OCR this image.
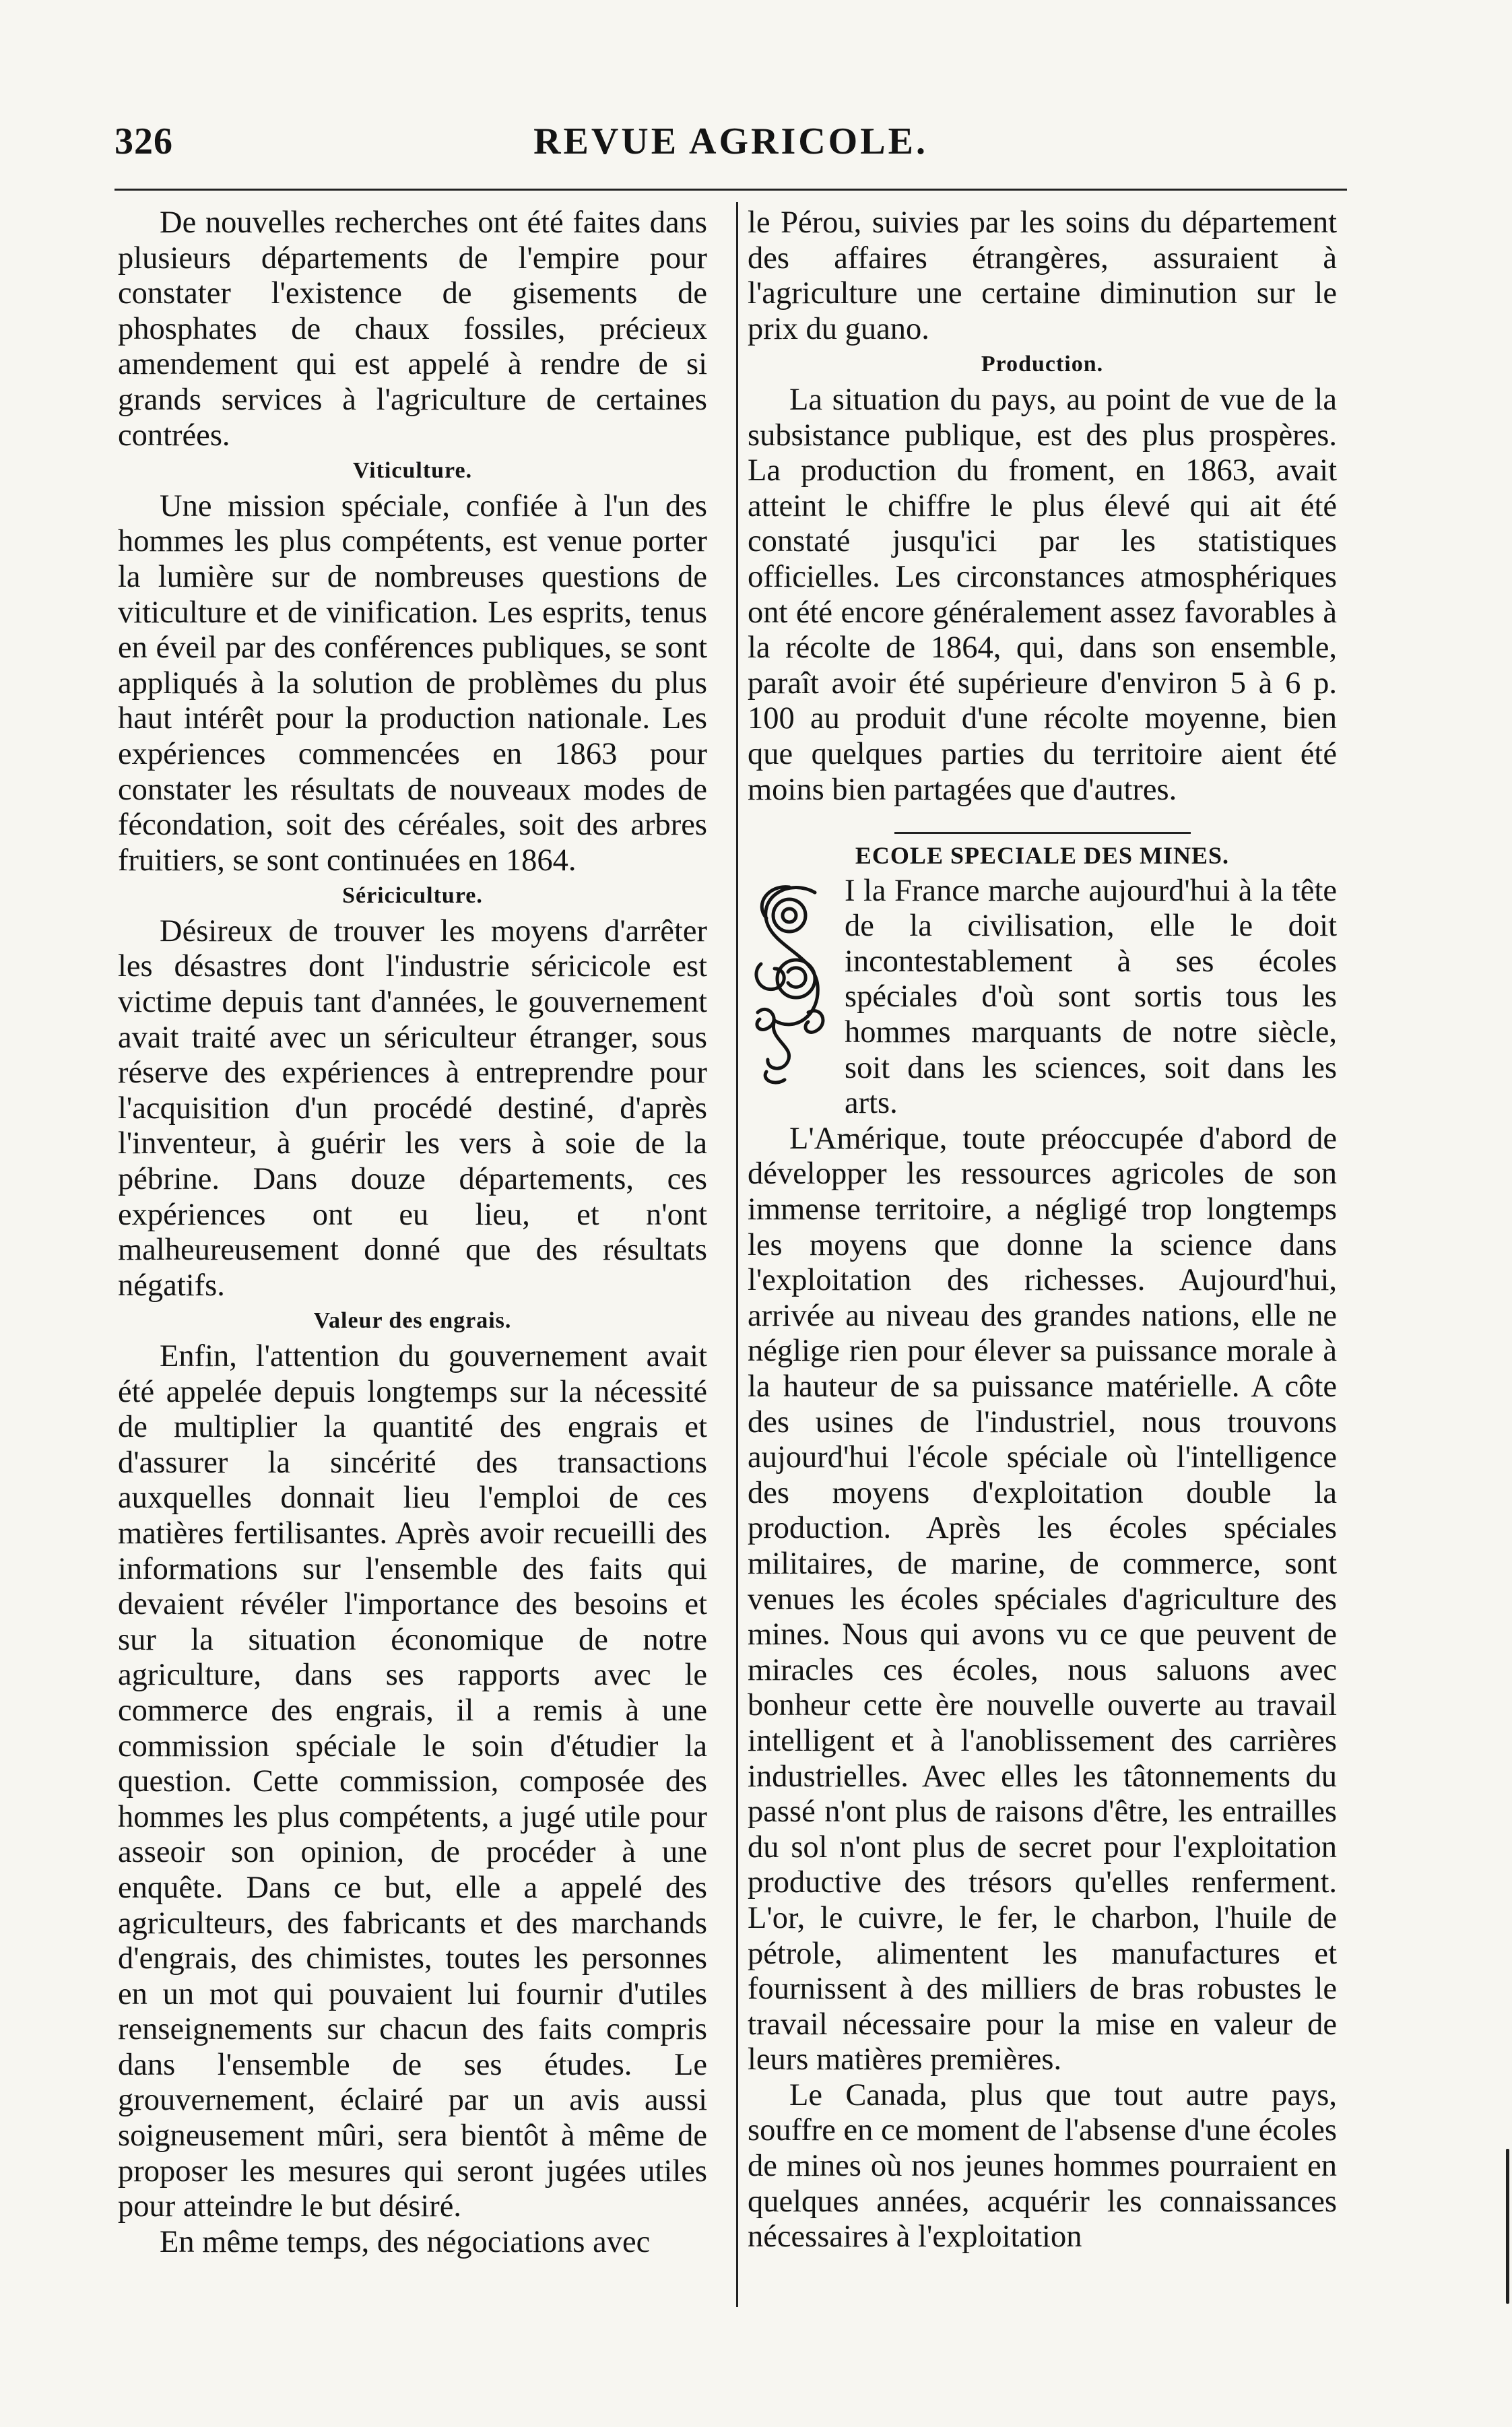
326	REVUE AGRICOLE.

De nouvelles recherches ont été faites dans plusieurs départements de l'empire pour constater l'existence de gisements de phosphates de chaux fossiles, précieux amendement qui est appelé à rendre de si grands services à l'agriculture de certaines contrées.

Viticulture.

Une mission spéciale, confiée à l'un des hommes les plus compétents, est venue porter la lumière sur de nombreuses questions de viticulture et de vinification. Les esprits, tenus en éveil par des conférences publiques, se sont appliqués à la solution de problèmes du plus haut intérêt pour la production nationale. Les expériences commencées en 1863 pour constater les résultats de nouveaux modes de fécondation, soit des céréales, soit des arbres fruitiers, se sont continuées en 1864.

Sériciculture.

Désireux de trouver les moyens d'arrêter les désastres dont l'industrie séricicole est victime depuis tant d'années, le gouvernement avait traité avec un sériculteur étranger, sous réserve des expériences à entreprendre pour l'acquisition d'un procédé destiné, d'après l'inventeur, à guérir les vers à soie de la pébrine. Dans douze départements, ces expériences ont eu lieu, et n'ont malheureusement donné que des résultats négatifs.

Valeur des engrais.

Enfin, l'attention du gouvernement avait été appelée depuis longtemps sur la nécessité de multiplier la quantité des engrais et d'assurer la sincérité des transactions auxquelles donnait lieu l'emploi de ces matières fertilisantes. Après avoir recueilli des informations sur l'ensemble des faits qui devaient révéler l'importance des besoins et sur la situation économique de notre agriculture, dans ses rapports avec le commerce des engrais, il a remis à une commission spéciale le soin d'étudier la question. Cette commission, composée des hommes les plus compétents, a jugé utile pour asseoir son opinion, de procéder à une enquête. Dans ce but, elle a appelé des agriculteurs, des fabricants et des marchands d'engrais, des chimistes, toutes les personnes en un mot qui pouvaient lui fournir d'utiles renseignements sur chacun des faits compris dans l'ensemble de ses études. Le grouvernement, éclairé par un avis aussi soigneusement mûri, sera bientôt à même de proposer les mesures qui seront jugées utiles pour atteindre le but désiré.

En même temps, des négociations avec

le Pérou, suivies par les soins du département des affaires étrangères, assuraient à l'agriculture une certaine diminution sur le prix du guano.

Production.

La situation du pays, au point de vue de la subsistance publique, est des plus prospères. La production du froment, en 1863, avait atteint le chiffre le plus élevé qui ait été constaté jusqu'ici par les statistiques officielles. Les circonstances atmosphériques ont été encore généralement assez favorables à la récolte de 1864, qui, dans son ensemble, paraît avoir été supérieure d'environ 5 à 6 p. 100 au produit d'une récolte moyenne, bien que quelques parties du territoire aient été moins bien partagées que d'autres.

ECOLE SPECIALE DES MINES.

I la France marche aujourd'hui à la tête de la civilisation, elle le doit incontestablement à ses écoles spéciales d'où sont sortis tous les hommes marquants de notre siècle, soit dans les sciences, soit dans les arts.

L'Amérique, toute préoccupée d'abord de développer les ressources agricoles de son immense territoire, a négligé trop longtemps les moyens que donne la science dans l'exploitation des richesses. Aujourd'hui, arrivée au niveau des grandes nations, elle ne néglige rien pour élever sa puissance morale à la hauteur de sa puissance matérielle. A côte des usines de l'industriel, nous trouvons aujourd'hui l'école spéciale où l'intelligence des moyens d'exploitation double la production. Après les écoles spéciales militaires, de marine, de commerce, sont venues les écoles spéciales d'agriculture des mines. Nous qui avons vu ce que peuvent de miracles ces écoles, nous saluons avec bonheur cette ère nouvelle ouverte au travail intelligent et à l'anoblissement des carrières industrielles. Avec elles les tâtonnements du passé n'ont plus de raisons d'être, les entrailles du sol n'ont plus de secret pour l'exploitation productive des trésors qu'elles renferment. L'or, le cuivre, le fer, le charbon, l'huile de pétrole, alimentent les manufactures et fournissent à des milliers de bras robustes le travail nécessaire pour la mise en valeur de leurs matières premières.

Le Canada, plus que tout autre pays, souffre en ce moment de l'absense d'une écoles de mines où nos jeunes hommes pourraient en quelques années, acquérir les connaissances nécessaires à l'exploitation
